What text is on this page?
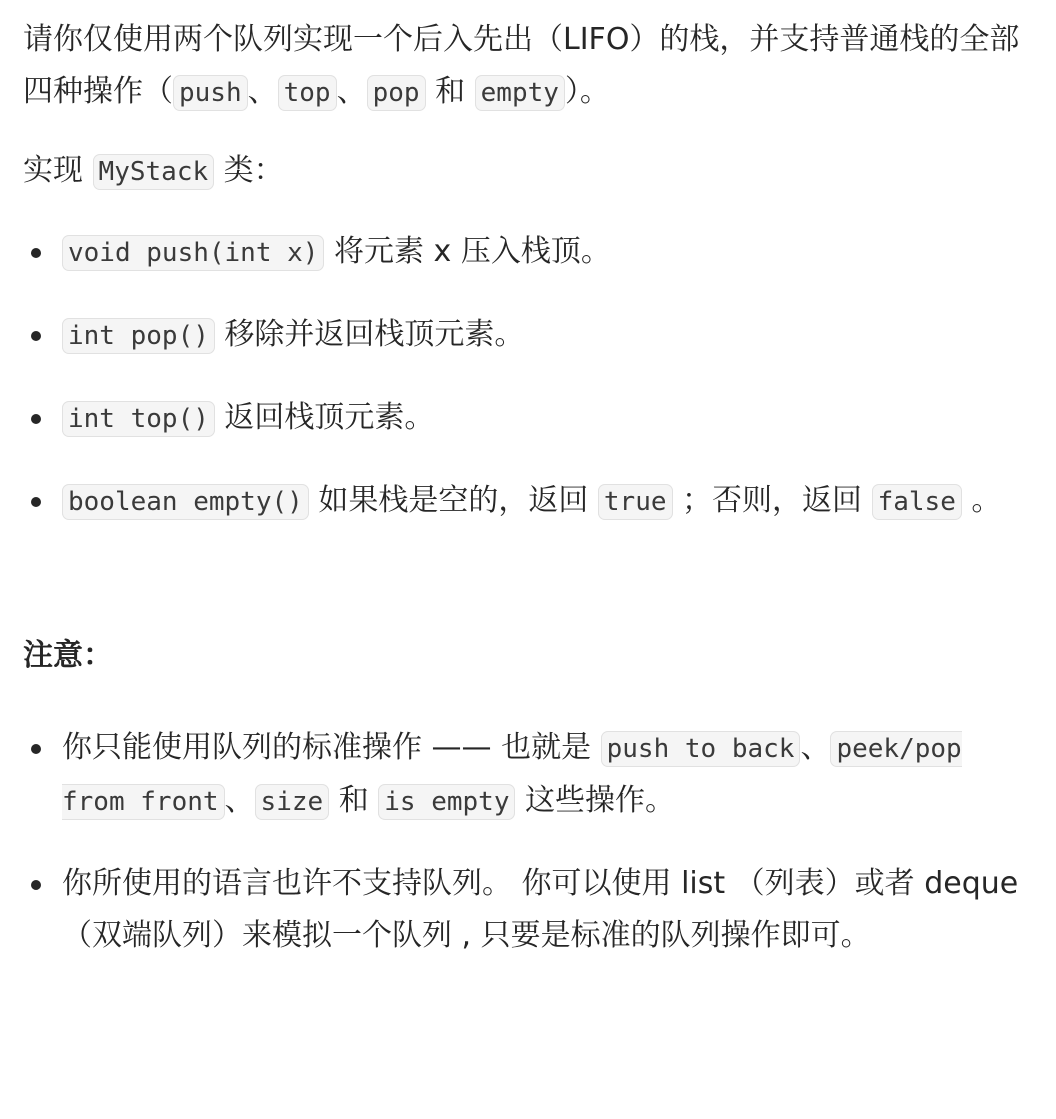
请你仅使用两个队列实现一个后入先出（LIFO）的栈，并支持普通栈的全部四种操作（ push 、 top 、 pop 和 empty ）。

实现 MyStack 类：

void push(int x) 将元素 x 压入栈顶。
int pop() 移除并返回栈顶元素。
int top() 返回栈顶元素。
boolean empty() 如果栈是空的，返回 true ；否则，返回 false 。

注意：

你只能使用队列的标准操作 —— 也就是 push to back 、 peek/pop from front 、 size 和 is empty 这些操作。
你所使用的语言也许不支持队列。 你可以使用 list （列表）或者 deque（双端队列）来模拟一个队列 , 只要是标准的队列操作即可。
